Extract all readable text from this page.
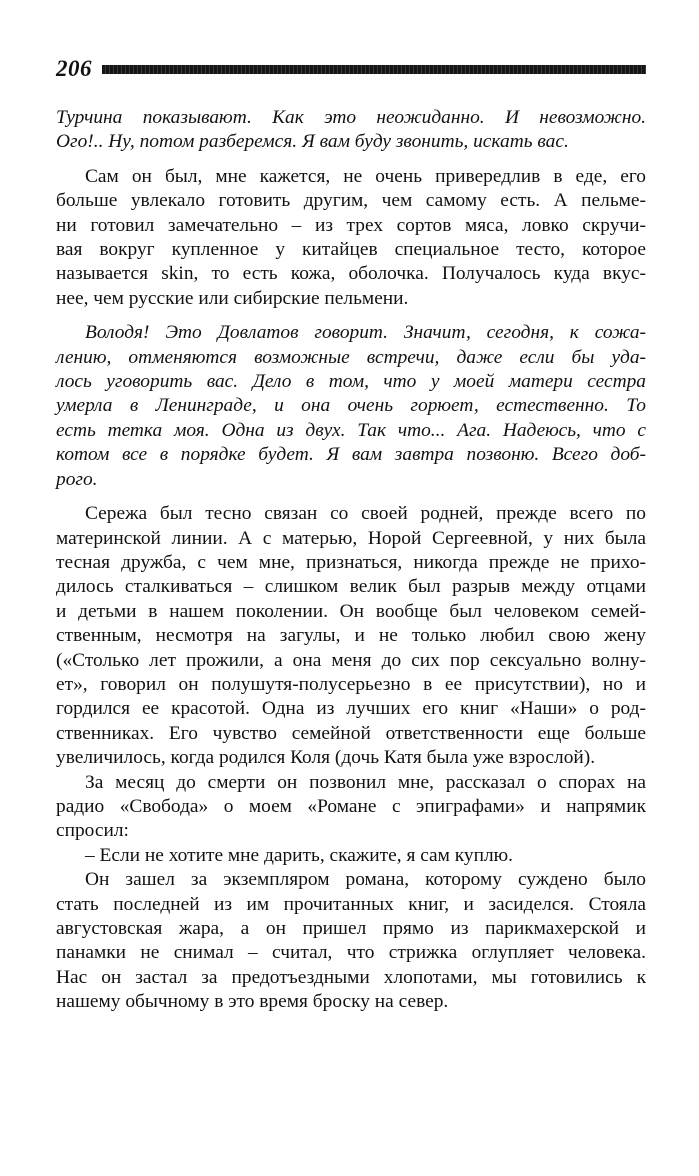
206

Турчина показывают. Как это неожиданно. И невозможно.
Ого!.. Ну, потом разберемся. Я вам буду звонить, искать вас.

Сам он был, мне кажется, не очень привередлив в еде, его
больше увлекало готовить другим, чем самому есть. А пельме-
ни готовил замечательно – из трех сортов мяса, ловко скручи-
вая вокруг купленное у китайцев специальное тесто, которое
называется skin, то есть кожа, оболочка. Получалось куда вкус-
нее, чем русские или сибирские пельмени.

Володя! Это Довлатов говорит. Значит, сегодня, к сожа-
лению, отменяются возможные встречи, даже если бы уда-
лось уговорить вас. Дело в том, что у моей матери сестра
умерла в Ленинграде, и она очень горюет, естественно. То
есть тетка моя. Одна из двух. Так что... Ага. Надеюсь, что с
котом все в порядке будет. Я вам завтра позвоню. Всего доб-
рого.

Сережа был тесно связан со своей родней, прежде всего по
материнской линии. А с матерью, Норой Сергеевной, у них была
тесная дружба, с чем мне, признаться, никогда прежде не прихо-
дилось сталкиваться – слишком велик был разрыв между отцами
и детьми в нашем поколении. Он вообще был человеком семей-
ственным, несмотря на загулы, и не только любил свою жену
(«Столько лет прожили, а она меня до сих пор сексуально волну-
ет», говорил он полушутя-полусерьезно в ее присутствии), но и
гордился ее красотой. Одна из лучших его книг «Наши» о род-
ственниках. Его чувство семейной ответственности еще больше
увеличилось, когда родился Коля (дочь Катя была уже взрослой).

За месяц до смерти он позвонил мне, рассказал о спорах на
радио «Свобода» о моем «Романе с эпиграфами» и напрямик
спросил:

– Если не хотите мне дарить, скажите, я сам куплю.

Он зашел за экземпляром романа, которому суждено было
стать последней из им прочитанных книг, и засиделся. Стояла
августовская жара, а он пришел прямо из парикмахерской и
панамки не снимал – считал, что стрижка оглупляет человека.
Нас он застал за предотъездными хлопотами, мы готовились к
нашему обычному в это время броску на север.
